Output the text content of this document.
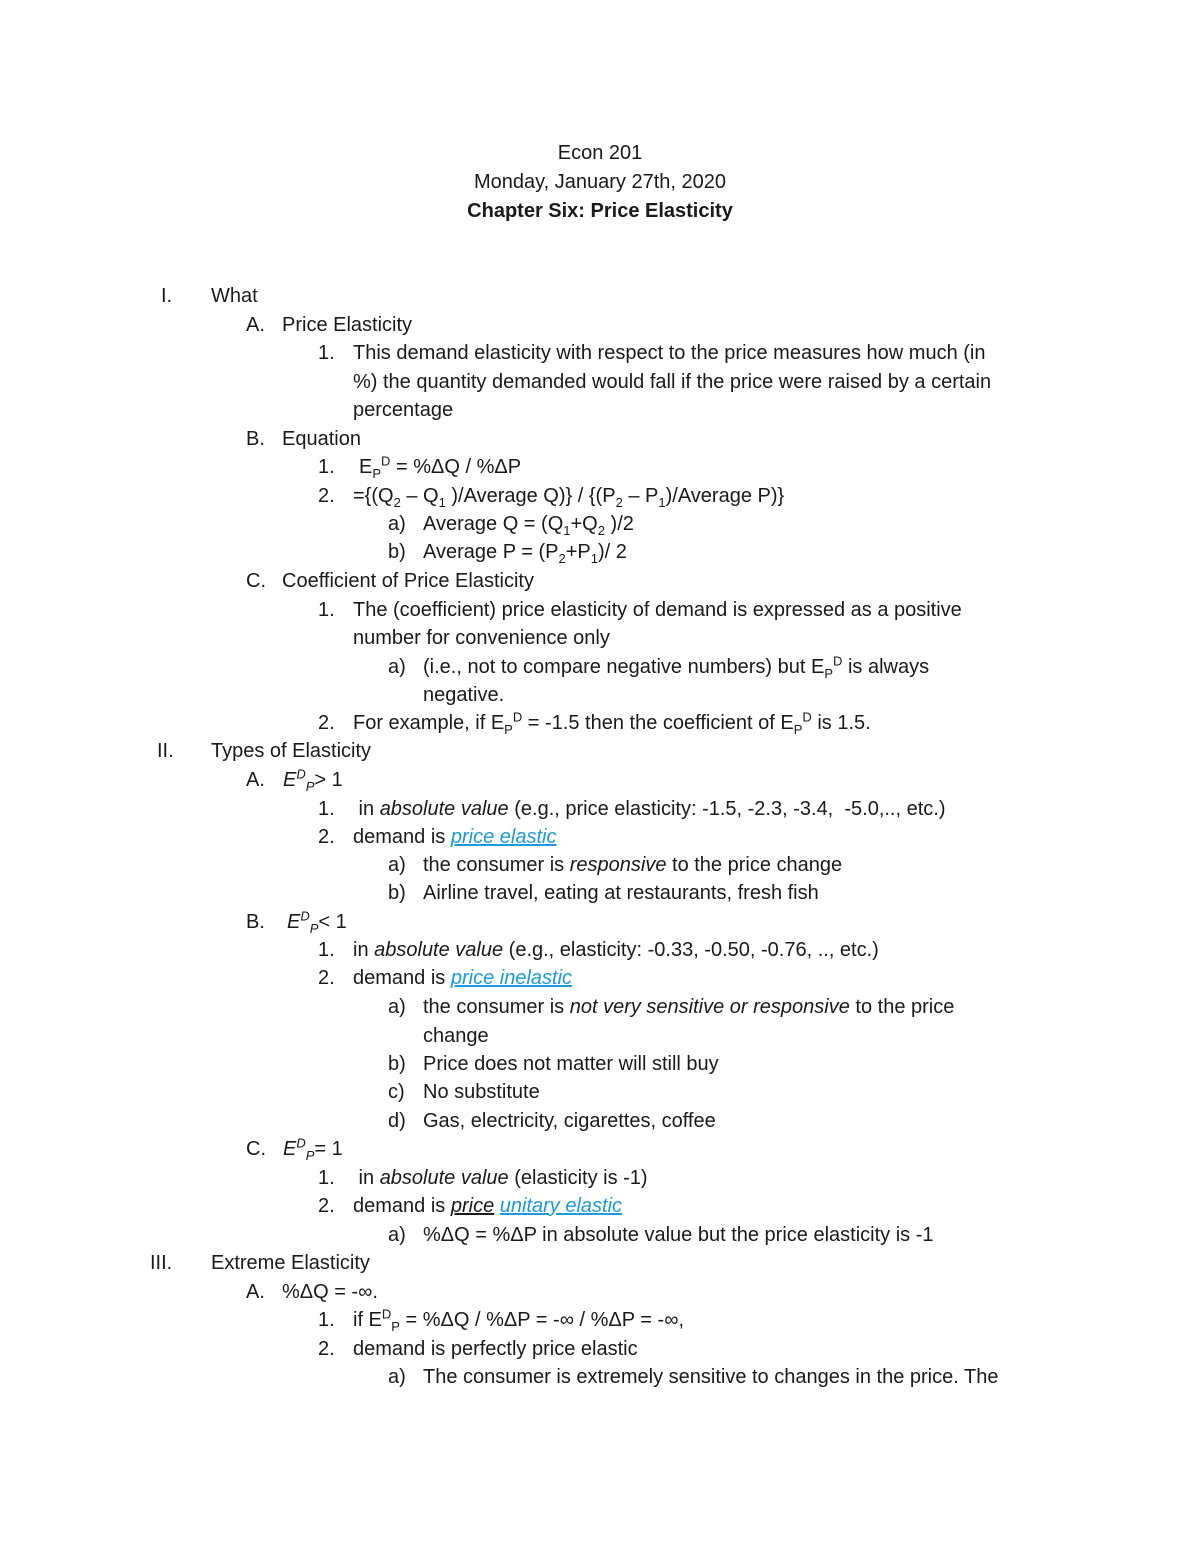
Econ 201
Monday, January 27th, 2020
Chapter Six: Price Elasticity
I. What
A. Price Elasticity
1. This demand elasticity with respect to the price measures how much (in
%) the quantity demanded would fall if the price were raised by a certain
percentage
B. Equation
1. $E_P^D = \%\Delta Q / \%\Delta P$
2. $=\{(Q_2 - Q_1$ )/Average $Q)\} / \{(P_2$ – $P_1$)/Average P)}
a) Average $Q = (Q_1+Q_2$ )/2
b) Average $P = (P_2+P_1)/$ 2
C. Coefficient of Price Elasticity
1. The (coefficient) price elasticity of demand is expressed as a positive
number for convenience only
a) (i.e., not to compare negative numbers) but $E_P^D$ is always
negative.
2. For example, if $E_P^D = -1.5$ then the coefficient of $E_P^D$ is 1.5.
II. Types of Elasticity
A. $E^D_P> 1$
1. in absolute value (e.g., price elasticity: -1.5, -2.3, -3.4,  -5.0,.., etc.)
2. demand is price elastic
a) the consumer is responsive to the price change
b) Airline travel, eating at restaurants, fresh fish
B. $E^D_P< 1$
1. in absolute value (e.g., elasticity: -0.33, -0.50, -0.76, .., etc.)
2. demand is price inelastic
a) the consumer is not very sensitive or responsive to the price
change
b) Price does not matter will still buy
c) No substitute
d) Gas, electricity, cigarettes, coffee
C. $E^D_P= 1$
1. in absolute value (elasticity is -1)
2. demand is price unitary elastic
a) %ΔQ = %ΔP in absolute value but the price elasticity is -1
III. Extreme Elasticity
A. %ΔQ = -∞.
1. if $E^D_P = \%\Delta Q / \%\Delta P$ = -∞ / %ΔP = -∞,
2. demand is perfectly price elastic
a) The consumer is extremely sensitive to changes in the price. The
